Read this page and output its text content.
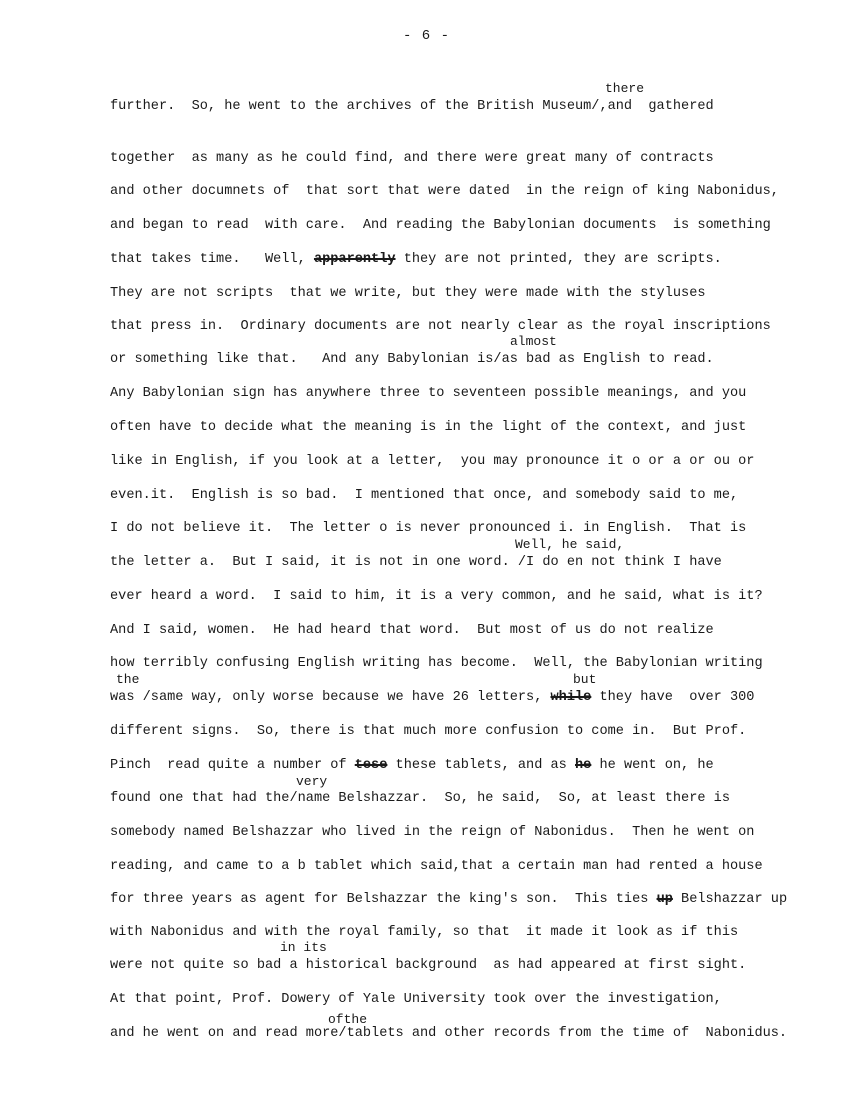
- 6 -
there
almost
Well, he said,
the	but
very
in its
ofthe
further.  So, he went to the archives of the British Museum/,and  gathered
together  as many as he could find, and there were great many of contracts
and other documnets of  that sort that were dated  in the reign of king Nabonidus,
and began to read  with care.  And reading the Babylonian documents  is something
that takes time.   Well, apparently they are not printed, they are scripts.
They are not scripts  that we write, but they were made with the styluses
that press in.  Ordinary documents are not nearly clear as the royal inscriptions
or something like that.   And any Babylonian is/as bad as English to read.
Any Babylonian sign has anywhere three to seventeen possible meanings, and you
often have to decide what the meaning is in the light of the context, and just
like in English, if you look at a letter,  you may pronounce it o or a or ou or
even.it.  English is so bad.  I mentioned that once, and somebody said to me,
I do not believe it.  The letter o is never pronounced i. in English.  That is
the letter a.  But I said, it is not in one word. /I do en not think I have
ever heard a word.  I said to him, it is a very common, and he said, what is it?
And I said, women.  He had heard that word.  But most of us do not realize
how terribly confusing English writing has become.  Well, the Babylonian writing
was /same way, only worse because we have 26 letters, while they have  over 300
different signs.  So, there is that much more confusion to come in.  But Prof.
Pinch  read quite a number of tese these tablets, and as he he went on, he
found one that had the/name Belshazzar.  So, he said,  So, at least there is
somebody named Belshazzar who lived in the reign of Nabonidus.  Then he went on
reading, and came to a b tablet which said,that a certain man had rented a house
for three years as agent for Belshazzar the king's son.  This ties up Belshazzar up
with Nabonidus and with the royal family, so that  it made it look as if this
were not quite so bad a historical background  as had appeared at first sight.
At that point, Prof. Dowery of Yale University took over the investigation,
and he went on and read more/tablets and other records from the time of  Nabonidus.
